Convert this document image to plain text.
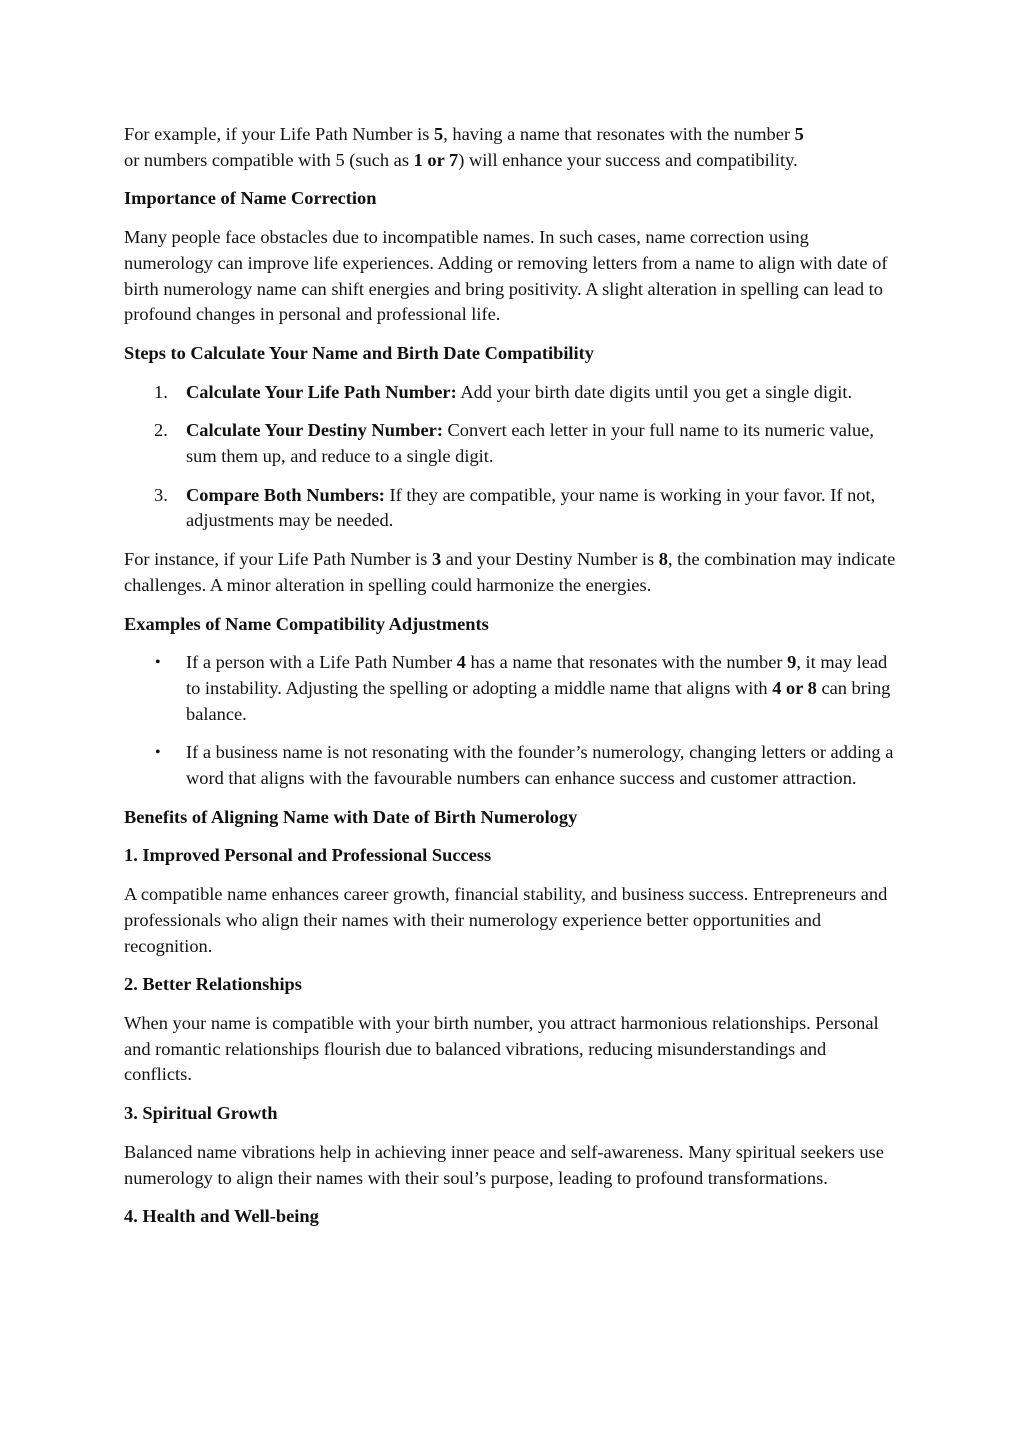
For example, if your Life Path Number is 5, having a name that resonates with the number 5
or numbers compatible with 5 (such as 1 or 7) will enhance your success and compatibility.

Importance of Name Correction

Many people face obstacles due to incompatible names. In such cases, name correction using numerology can improve life experiences. Adding or removing letters from a name to align with date of birth numerology name can shift energies and bring positivity. A slight alteration in spelling can lead to profound changes in personal and professional life.

Steps to Calculate Your Name and Birth Date Compatibility
1. Calculate Your Life Path Number: Add your birth date digits until you get a single digit.
2. Calculate Your Destiny Number: Convert each letter in your full name to its numeric value, sum them up, and reduce to a single digit.
3. Compare Both Numbers: If they are compatible, your name is working in your favor. If not, adjustments may be needed.

For instance, if your Life Path Number is 3 and your Destiny Number is 8, the combination may indicate challenges. A minor alteration in spelling could harmonize the energies.

Examples of Name Compatibility Adjustments
• If a person with a Life Path Number 4 has a name that resonates with the number 9, it may lead to instability. Adjusting the spelling or adopting a middle name that aligns with 4 or 8 can bring balance.
• If a business name is not resonating with the founder’s numerology, changing letters or adding a word that aligns with the favourable numbers can enhance success and customer attraction.
Benefits of Aligning Name with Date of Birth Numerology
1. Improved Personal and Professional Success

A compatible name enhances career growth, financial stability, and business success. Entrepreneurs and professionals who align their names with their numerology experience better opportunities and recognition.

2. Better Relationships

When your name is compatible with your birth number, you attract harmonious relationships. Personal and romantic relationships flourish due to balanced vibrations, reducing misunderstandings and conflicts.

3. Spiritual Growth

Balanced name vibrations help in achieving inner peace and self-awareness. Many spiritual seekers use numerology to align their names with their soul’s purpose, leading to profound transformations.

4. Health and Well-being
